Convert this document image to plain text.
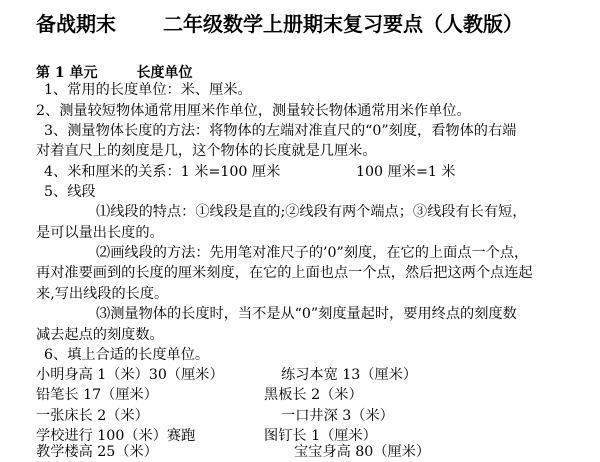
备战期末　　 二年级数学上册期末复习要点（人教版）
第 1 单元        长度单位
1、常用的长度单位：米、厘米。
2、测量较短物体通常用厘米作单位，测量较长物体通常用米作单位。
3、测量物体长度的方法：将物体的左端对准直尺的“0”刻度，看物体的右端
对着直尺上的刻度是几，这个物体的长度就是几厘米。
4、米和厘米的关系：1 米=100 厘米	100 厘米=1 米
5、线段
⑴线段的特点：①线段是直的;②线段有两个端点；③线段有长有短，
是可以量出长度的。
⑵画线段的方法：先用笔对准尺子的’0”刻度，在它的上面点一个点，
再对准要画到的长度的厘米刻度，在它的上面也点一个点，然后把这两个点连起
来,写出线段的长度。
⑶测量物体的长度时，当不是从“0”刻度量起时，要用终点的刻度数
减去起点的刻度数。
6、填上合适的长度单位。
小明身高 1（米）30（厘米）	练习本宽 13（厘米）
铅笔长 17（厘米）	黑板长 2（米）
一张床长 2（米）	一口井深 3（米）
学校进行 100（米）赛跑	图钉长 1（厘米）
教学楼高 25（米）	宝宝身高 80（厘米）
